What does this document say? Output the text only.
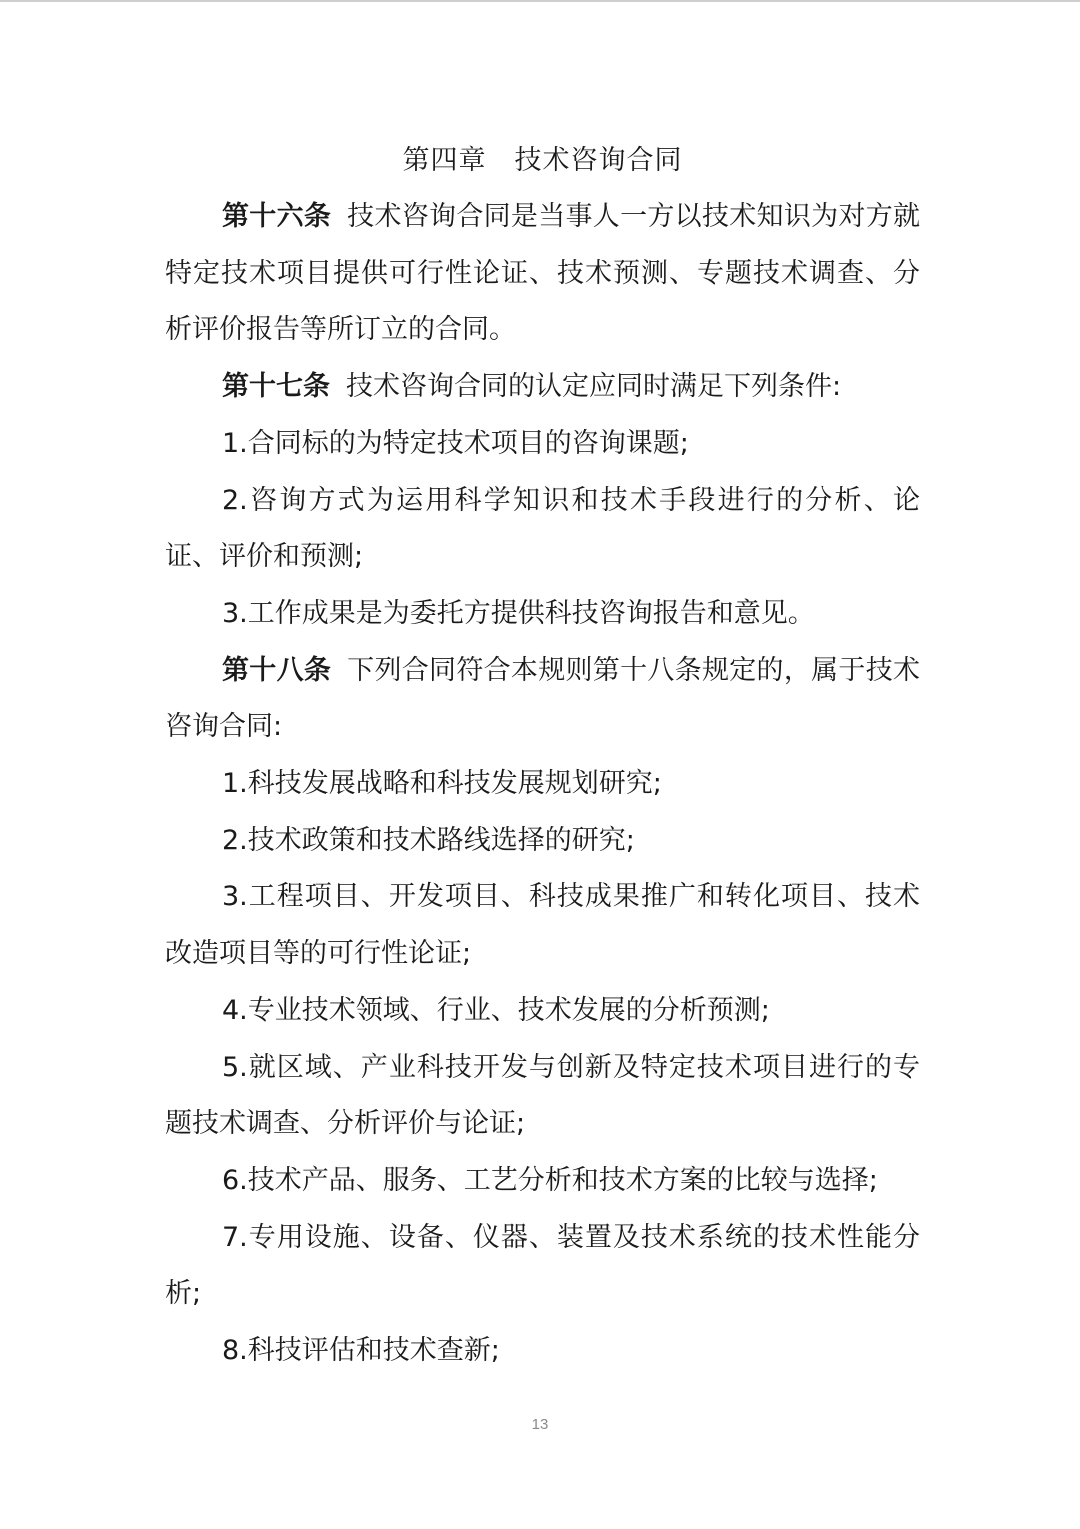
第四章　技术咨询合同

第十六条 技术咨询合同是当事人一方以技术知识为对方就特定技术项目提供可行性论证、技术预测、专题技术调查、分析评价报告等所订立的合同。

第十七条 技术咨询合同的认定应同时满足下列条件:

1.合同标的为特定技术项目的咨询课题;

2.咨询方式为运用科学知识和技术手段进行的分析、论证、评价和预测;

3.工作成果是为委托方提供科技咨询报告和意见。

第十八条 下列合同符合本规则第十八条规定的，属于技术咨询合同:

1.科技发展战略和科技发展规划研究;

2.技术政策和技术路线选择的研究;

3.工程项目、开发项目、科技成果推广和转化项目、技术改造项目等的可行性论证;

4.专业技术领域、行业、技术发展的分析预测;

5.就区域、产业科技开发与创新及特定技术项目进行的专题技术调查、分析评价与论证;

6.技术产品、服务、工艺分析和技术方案的比较与选择;

7.专用设施、设备、仪器、装置及技术系统的技术性能分析;

8.科技评估和技术查新;

13
